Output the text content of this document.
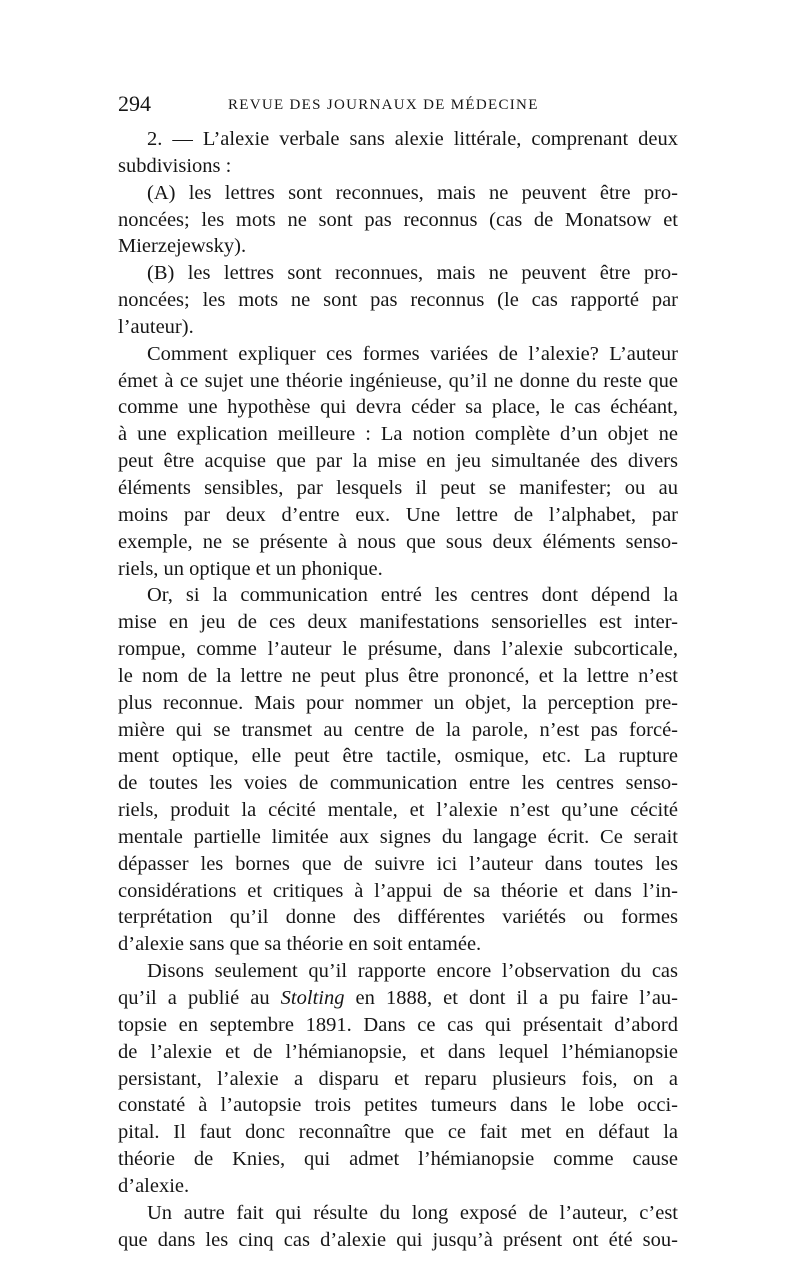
294	REVUE DES JOURNAUX DE MÉDECINE
2. — L’alexie verbale sans alexie littérale, comprenant deux
subdivisions :
(A) les lettres sont reconnues, mais ne peuvent être pro-
noncées; les mots ne sont pas reconnus (cas de Monatsow et
Mierzejewsky).
(B) les lettres sont reconnues, mais ne peuvent être pro-
noncées; les mots ne sont pas reconnus (le cas rapporté par
l’auteur).
Comment expliquer ces formes variées de l’alexie? L’auteur
émet à ce sujet une théorie ingénieuse, qu’il ne donne du reste que
comme une hypothèse qui devra céder sa place, le cas échéant,
à une explication meilleure : La notion complète d’un objet ne
peut être acquise que par la mise en jeu simultanée des divers
éléments sensibles, par lesquels il peut se manifester; ou au
moins par deux d’entre eux. Une lettre de l’alphabet, par
exemple, ne se présente à nous que sous deux éléments senso-
riels, un optique et un phonique.
Or, si la communication entré les centres dont dépend la
mise en jeu de ces deux manifestations sensorielles est inter-
rompue, comme l’auteur le présume, dans l’alexie subcorticale,
le nom de la lettre ne peut plus être prononcé, et la lettre n’est
plus reconnue. Mais pour nommer un objet, la perception pre-
mière qui se transmet au centre de la parole, n’est pas forcé-
ment optique, elle peut être tactile, osmique, etc. La rupture
de toutes les voies de communication entre les centres senso-
riels, produit la cécité mentale, et l’alexie n’est qu’une cécité
mentale partielle limitée aux signes du langage écrit. Ce serait
dépasser les bornes que de suivre ici l’auteur dans toutes les
considérations et critiques à l’appui de sa théorie et dans l’in-
terprétation qu’il donne des différentes variétés ou formes
d’alexie sans que sa théorie en soit entamée.
Disons seulement qu’il rapporte encore l’observation du cas
qu’il a publié au Stolting en 1888, et dont il a pu faire l’au-
topsie en septembre 1891. Dans ce cas qui présentait d’abord
de l’alexie et de l’hémianopsie, et dans lequel l’hémianopsie
persistant, l’alexie a disparu et reparu plusieurs fois, on a
constaté à l’autopsie trois petites tumeurs dans le lobe occi-
pital. Il faut donc reconnaître que ce fait met en défaut la
théorie de Knies, qui admet l’hémianopsie comme cause
d’alexie.
Un autre fait qui résulte du long exposé de l’auteur, c’est
que dans les cinq cas d’alexie qui jusqu’à présent ont été sou-
